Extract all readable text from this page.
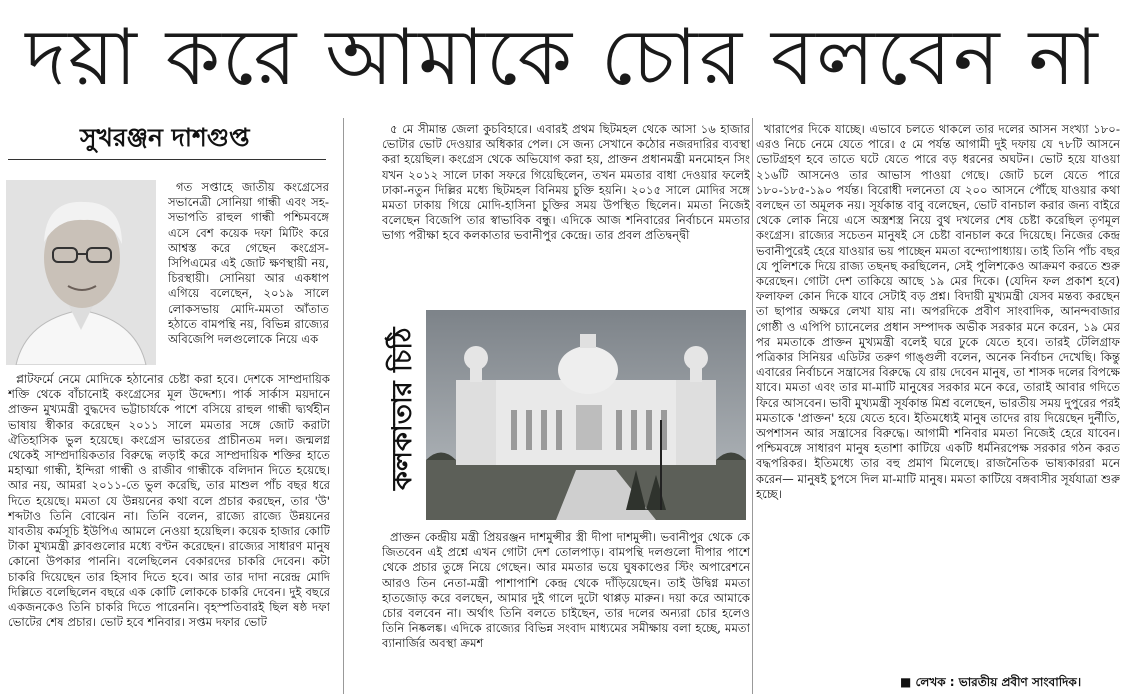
দয়া করে আমাকে চোর বলবেন না
সুখরঞ্জন দাশগুপ্ত

গত সপ্তাহে জাতীয় কংগ্রেসের সভানেত্রী সোনিয়া গান্ধী এবং সহ-সভাপতি রাহুল গান্ধী পশ্চিমবঙ্গে এসে বেশ কয়েক দফা মিটিং করে আশ্বস্ত করে গেছেন কংগ্রেস-সিপিএমের এই জোট ক্ষণস্থায়ী নয়, চিরস্থায়ী। সোনিয়া আর একধাপ এগিয়ে বলেছেন, ২০১৯ সালে লোকসভায় মোদি-মমতা আঁতাত হঠাতে বামপন্থি নয়, বিভিন্ন রাজ্যের অবিজেপি দলগুলোকে নিয়ে এক

প্লাটফর্মে নেমে মোদিকে হঠানোর চেষ্টা করা হবে। দেশকে সাম্প্রদায়িক শক্তি থেকে বাঁচানোই কংগ্রেসের মূল উদ্দেশ্য। পার্ক সার্কাস ময়দানে প্রাক্তন মুখ্যমন্ত্রী বুদ্ধদেব ভট্টাচার্যকে পাশে বসিয়ে রাহুল গান্ধী দ্ব্যর্থহীন ভাষায় স্বীকার করেছেন ২০১১ সালে মমতার সঙ্গে জোট করাটা ঐতিহাসিক ভুল হয়েছে। কংগ্রেস ভারতের প্রাচীনতম দল। জন্মলগ্ন থেকেই সাম্প্রদায়িকতার বিরুদ্ধে লড়াই করে সাম্প্রদায়িক শক্তির হাতে মহাত্মা গান্ধী, ইন্দিরা গান্ধী ও রাজীব গান্ধীকে বলিদান দিতে হয়েছে। আর নয়, আমরা ২০১১-তে ভুল করেছি, তার মাশুল পাঁচ বছর ধরে দিতে হয়েছে। মমতা যে উন্নয়নের কথা বলে প্রচার করছেন, তার 'উ' শব্দটাও তিনি বোঝেন না। তিনি বলেন, রাজ্যে রাজ্যে উন্নয়নের যাবতীয় কর্মসূচি ইউপিএ আমলে নেওয়া হয়েছিল। কয়েক হাজার কোটি টাকা মুখ্যমন্ত্রী ক্লাবগুলোর মধ্যে বণ্টন করেছেন। রাজ্যের সাধারণ মানুষ কোনো উপকার পাননি। বলেছিলেন বেকারদের চাকরি দেবেন। কটা চাকরি দিয়েছেন তার হিসাব দিতে হবে। আর তার দাদা নরেন্দ্র মোদি দিল্লিতে বলেছিলেন বছরে এক কোটি লোককে চাকরি দেবেন। দুই বছরে একজনকেও তিনি চাকরি দিতে পারেননি। বৃহস্পতিবারই ছিল ষষ্ঠ দফা ভোটের শেষ প্রচার। ভোট হবে শনিবার। সপ্তম দফার ভোট

৫ মে সীমান্ত জেলা কুচবিহারে। এবারই প্রথম ছিটমহল থেকে আসা ১৬ হাজার ভোটার ভোট দেওয়ার অধিকার পেল। সে জন্য সেখানে কঠোর নজরদারির ব্যবস্থা করা হয়েছিল। কংগ্রেস থেকে অভিযোগ করা হয়, প্রাক্তন প্রধানমন্ত্রী মনমোহন সিং যখন ২০১২ সালে ঢাকা সফরে গিয়েছিলেন, তখন মমতার বাধা দেওয়ার ফলেই ঢাকা-নতুন দিল্লির মধ্যে ছিটমহল বিনিময় চুক্তি হয়নি। ২০১৫ সালে মোদির সঙ্গে মমতা ঢাকায় গিয়ে মোদি-হাসিনা চুক্তির সময় উপস্থিত ছিলেন। মমতা নিজেই বলেছেন বিজেপি তার স্বাভাবিক বন্ধু। এদিকে আজ শনিবারের নির্বাচনে মমতার ভাগ্য পরীক্ষা হবে কলকাতার ভবানীপুর কেন্দ্রে। তার প্রবল প্রতিদ্বন্দ্বী

কলকাতার চিঠি

প্রাক্তন কেন্দ্রীয় মন্ত্রী প্রিয়রঞ্জন দাশমুন্সীর স্ত্রী দীপা দাশমুন্সী। ভবানীপুর থেকে কে জিতবেন এই প্রশ্নে এখন গোটা দেশ তোলপাড়। বামপন্থি দলগুলো দীপার পাশে থেকে প্রচার তুঙ্গে নিয়ে গেছেন। আর মমতার ভয়ে ঘুষকাণ্ডের স্টিং অপারেশনে আরও তিন নেতা-মন্ত্রী পাশাপাশি কেন্দ্র থেকে দাঁড়িয়েছেন। তাই উদ্বিগ্ন মমতা হাতজোড় করে বলছেন, আমার দুই গালে দুটো থাপ্পড় মারুন। দয়া করে আমাকে চোর বলবেন না। অর্থাৎ তিনি বলতে চাইছেন, তার দলের অন্যরা চোর হলেও তিনি নিষ্কলঙ্ক। এদিকে রাজ্যের বিভিন্ন সংবাদ মাধ্যমের সমীক্ষায় বলা হচ্ছে, মমতা ব্যানার্জির অবস্থা ক্রমশ

খারাপের দিকে যাচ্ছে। এভাবে চলতে থাকলে তার দলের আসন সংখ্যা ১৮০-এরও নিচে নেমে যেতে পারে। ৫ মে পর্যন্ত আগামী দুই দফায় যে ৭৮টি আসনে ভোটগ্রহণ হবে তাতে ঘটে যেতে পারে বড় ধরনের অঘটন। ভোট হয়ে যাওয়া ২১৬টি আসনেও তার আভাস পাওয়া গেছে। জোট চলে যেতে পারে ১৮০-১৮৫-১৯০ পর্যন্ত। বিরোধী দলনেতা যে ২০০ আসনে পৌঁছে যাওয়ার কথা বলছেন তা অমূলক নয়। সূর্যকান্ত বাবু বলেছেন, ভোট বানচাল করার জন্য বাইরে থেকে লোক নিয়ে এসে অস্ত্রশস্ত্র নিয়ে বুথ দখলের শেষ চেষ্টা করেছিল তৃণমূল কংগ্রেস। রাজ্যের সচেতন মানুষই সে চেষ্টা বানচাল করে দিয়েছে। নিজের কেন্দ্র ভবানীপুরেই হেরে যাওয়ার ভয় পাচ্ছেন মমতা বন্দ্যোপাধ্যায়। তাই তিনি পাঁচ বছর যে পুলিশকে দিয়ে রাজ্য তছনছ করছিলেন, সেই পুলিশকেও আক্রমণ করতে শুরু করেছেন। গোটা দেশ তাকিয়ে আছে ১৯ মের দিকে। (যেদিন ফল প্রকাশ হবে) ফলাফল কোন দিকে যাবে সেটাই বড় প্রশ্ন। বিদায়ী মুখ্যমন্ত্রী যেসব মন্তব্য করছেন তা ছাপার অক্ষরে লেখা যায় না। অপরদিকে প্রবীণ সাংবাদিক, আনন্দবাজার গোষ্ঠী ও এপিপি চ্যানেলের প্রধান সম্পাদক অভীক সরকার মনে করেন, ১৯ মের পর মমতাকে প্রাক্তন মুখ্যমন্ত্রী বলেই ঘরে ঢুকে যেতে হবে। তারই টেলিগ্রাফ পত্রিকার সিনিয়র এডিটর তরুণ গাঙ্গুলী বলেন, অনেক নির্বাচন দেখেছি। কিন্তু এবারের নির্বাচনে সন্ত্রাসের বিরুদ্ধে যে রায় দেবেন মানুষ, তা শাসক দলের বিপক্ষে যাবে। মমতা এবং তার মা-মাটি মানুষের সরকার মনে করে, তারাই আবার গদিতে ফিরে আসবেন। ভাবী মুখ্যমন্ত্রী সূর্যকান্ত মিশ্র বলেছেন, ভারতীয় সময় দুপুরের পরই মমতাকে 'প্রাক্তন' হয়ে যেতে হবে। ইতিমধ্যেই মানুষ তাদের রায় দিয়েছেন দুর্নীতি, অপশাসন আর সন্ত্রাসের বিরুদ্ধে। আগামী শনিবার মমতা নিজেই হেরে যাবেন। পশ্চিমবঙ্গে সাধারণ মানুষ হতাশা কাটিয়ে একটি ধর্মনিরপেক্ষ সরকার গঠন করত বদ্ধপরিকর। ইতিমধ্যে তার বহু প্রমাণ মিলেছে। রাজনৈতিক ভাষ্যকাররা মনে করেন— মানুষই চুপসে দিল মা-মাটি মানুষ। মমতা কাটিয়ে বঙ্গবাসীর সূর্যযাত্রা শুরু হচ্ছে।

■ লেখক : ভারতীয় প্রবীণ সাংবাদিক।
